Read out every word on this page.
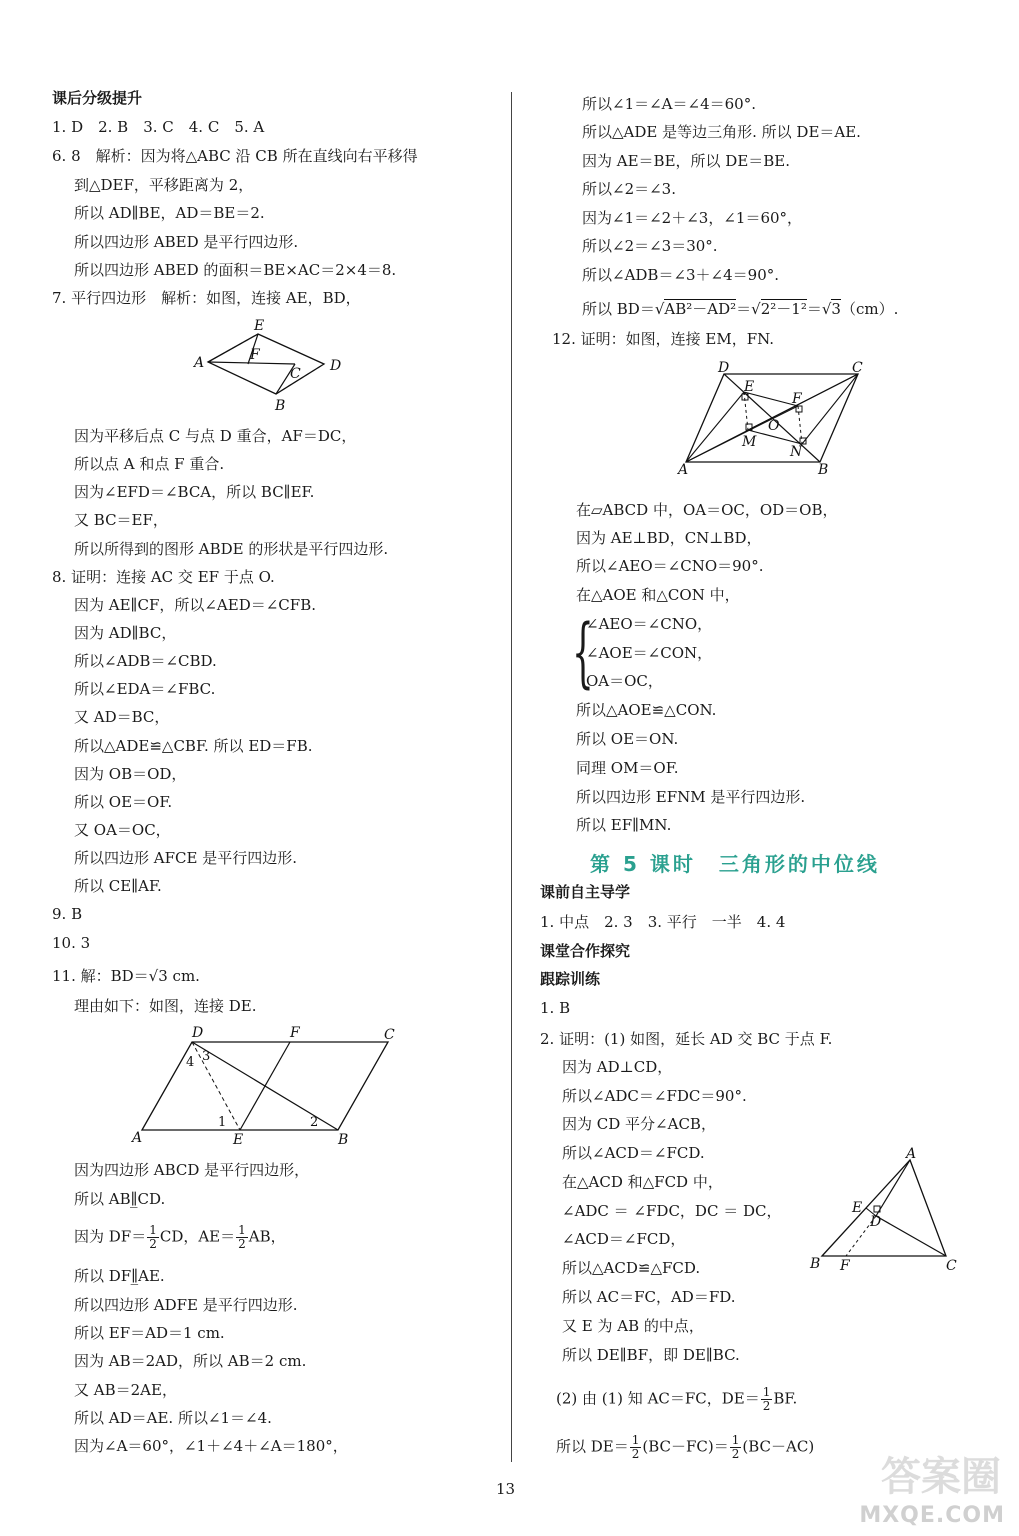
课后分级提升
1. D　2. B　3. C　4. C　5. A
6. 8　解析：因为将△ABC 沿 CB 所在直线向右平移得
到△DEF，平移距离为 2，
所以 AD∥BE，AD＝BE＝2.
所以四边形 ABED 是平行四边形.
所以四边形 ABED 的面积＝BE×AC＝2×4＝8.
7. 平行四边形　解析：如图，连接 AE，BD，
E
F
A	D
C
B
因为平移后点 C 与点 D 重合，AF＝DC，
所以点 A 和点 F 重合.
因为∠EFD＝∠BCA，所以 BC∥EF.
又 BC＝EF，
所以所得到的图形 ABDE 的形状是平行四边形.
8. 证明：连接 AC 交 EF 于点 O.
因为 AE∥CF，所以∠AED＝∠CFB.
因为 AD∥BC，
所以∠ADB＝∠CBD.
所以∠EDA＝∠FBC.
又 AD＝BC，
所以△ADE≌△CBF. 所以 ED＝FB.
因为 OB＝OD，
所以 OE＝OF.
又 OA＝OC，
所以四边形 AFCE 是平行四边形.
所以 CE∥AF.
9. B
10. 3
11. 解：BD＝√3 cm.
理由如下：如图，连接 DE.
D	F	C
A	E	B
4 3
1	2
因为四边形 ABCD 是平行四边形，
所以 AB∥̲CD.
因为 $DF= \frac{1}{2}$ CD，$AE= \frac{1}{2}$ AB，
所以 DF∥̲AE.
所以四边形 ADFE 是平行四边形.
所以 EF＝AD＝1 cm.
因为 AB＝2AD，所以 AB＝2 cm.
又 AB＝2AE，
所以 AD＝AE. 所以∠1＝∠4.
因为∠A＝60°，∠1＋∠4＋∠A＝180°，
所以∠1＝∠A＝∠4＝60°.
所以△ADE 是等边三角形. 所以 DE＝AE.
因为 AE＝BE，所以 DE＝BE.
所以∠2＝∠3.
因为∠1＝∠2＋∠3，∠1＝60°，
所以∠2＝∠3＝30°.
所以∠ADB＝∠3＋∠4＝90°.
所以 BD＝√AB²－AD²＝√2²－1²＝√3（cm）.
12. 证明：如图，连接 EM，FN.
D	C
E
F
O
M
N
A	B
在▱ABCD 中，OA＝OC，OD＝OB，
因为 AE⊥BD，CN⊥BD，
所以∠AEO＝∠CNO＝90°.
在△AOE 和△CON 中，
{
∠AEO＝∠CNO，
∠AOE＝∠CON，
OA＝OC，
所以△AOE≌△CON.
所以 OE＝ON.
同理 OM＝OF.
所以四边形 EFNM 是平行四边形.
所以 EF∥MN.
第 5 课时　三角形的中位线
课前自主导学
1. 中点　2. 3　3. 平行　一半　4. 4
课堂合作探究
跟踪训练
1. B
2. 证明：(1) 如图，延长 AD 交 BC 于点 F.
因为 AD⊥CD，
所以∠ADC＝∠FDC＝90°.
因为 CD 平分∠ACB，
所以∠ACD＝∠FCD.
在△ACD 和△FCD 中，
∠ADC ＝ ∠FDC，DC ＝ DC，
∠ACD＝∠FCD，
所以△ACD≌△FCD.
所以 AC＝FC，AD＝FD.
又 E 为 AB 的中点，
所以 DE∥BF，即 DE∥BC.
A
E
D
B F	C
(2) 由 (1) 知 AC＝FC，$DE= \frac{1}{2}$ BF.
所以 $DE= \frac{1}{2} (BC-FC)= \frac{1}{2} (BC-AC)$
13	答案圈
MXQE.COM
